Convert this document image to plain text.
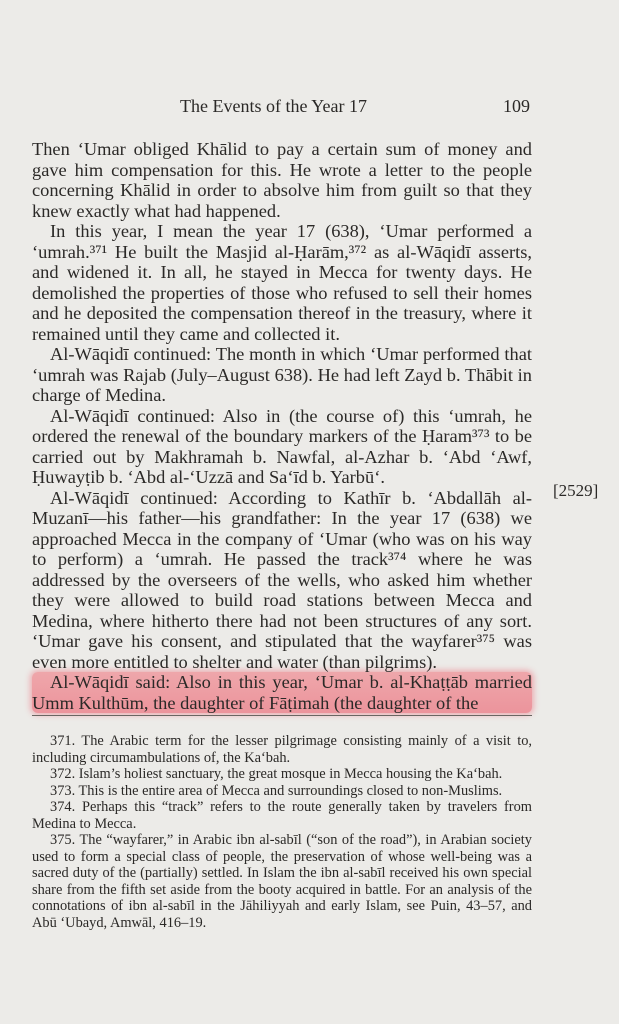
The Events of the Year 17	109

Then ‘Umar obliged Khālid to pay a certain sum of money and gave him compensation for this. He wrote a letter to the people concerning Khālid in order to absolve him from guilt so that they knew exactly what had happened.

In this year, I mean the year 17 (638), ‘Umar performed a ‘umrah.³⁷¹ He built the Masjid al-Ḥarām,³⁷² as al-Wāqidī asserts, and widened it. In all, he stayed in Mecca for twenty days. He demolished the properties of those who refused to sell their homes and he deposited the compensation thereof in the treasury, where it remained until they came and collected it.

Al-Wāqidī continued: The month in which ‘Umar performed that ‘umrah was Rajab (July–August 638). He had left Zayd b. Thābit in charge of Medina.

Al-Wāqidī continued: Also in (the course of) this ‘umrah, he ordered the renewal of the boundary markers of the Ḥaram³⁷³ to be carried out by Makhramah b. Nawfal, al-Azhar b. ‘Abd ‘Awf, Ḥuwayṭib b. ‘Abd al-‘Uzzā and Sa‘īd b. Yarbū‘.

Al-Wāqidī continued: According to Kathīr b. ‘Abdallāh al-Muzanī—his father—his grandfather: In the year 17 (638) we approached Mecca in the company of ‘Umar (who was on his way to perform) a ‘umrah. He passed the track³⁷⁴ where he was addressed by the overseers of the wells, who asked him whether they were allowed to build road stations between Mecca and Medina, where hitherto there had not been structures of any sort. ‘Umar gave his consent, and stipulated that the wayfarer³⁷⁵ was even more entitled to shelter and water (than pilgrims).

Al-Wāqidī said: Also in this year, ‘Umar b. al-Khaṭṭāb married Umm Kulthūm, the daughter of Fāṭimah (the daughter of the

[2529]

371. The Arabic term for the lesser pilgrimage consisting mainly of a visit to, including circumambulations of, the Ka‘bah.

372. Islam’s holiest sanctuary, the great mosque in Mecca housing the Ka‘bah.

373. This is the entire area of Mecca and surroundings closed to non-Muslims.

374. Perhaps this “track” refers to the route generally taken by travelers from Medina to Mecca.

375. The “wayfarer,” in Arabic ibn al-sabīl (“son of the road”), in Arabian society used to form a special class of people, the preservation of whose well-being was a sacred duty of the (partially) settled. In Islam the ibn al-sabīl received his own special share from the fifth set aside from the booty acquired in battle. For an analysis of the connotations of ibn al-sabīl in the Jāhiliyyah and early Islam, see Puin, 43–57, and Abū ‘Ubayd, Amwāl, 416–19.
